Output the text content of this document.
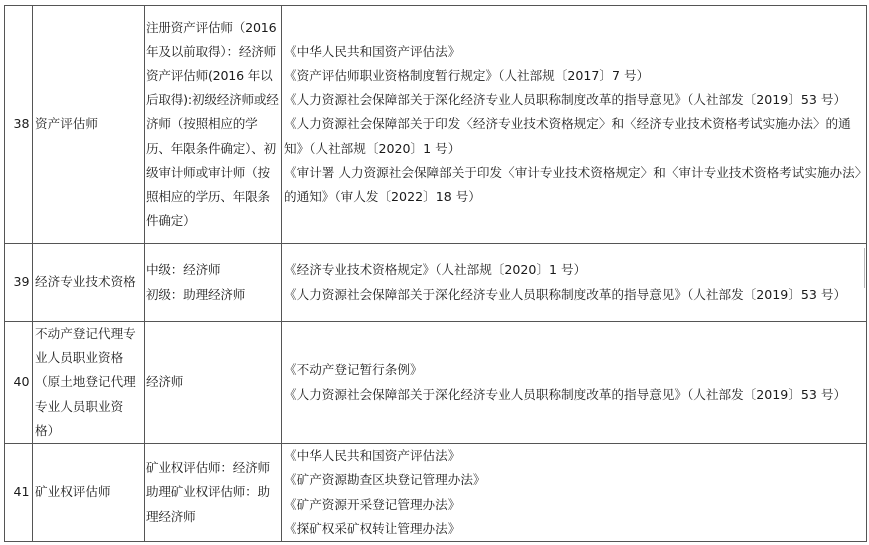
38	资产评估师	注册资产评估师（2016 年及以前取得）：经济师
资产评估师(2016 年以后取得):初级经济师或经济师（按照相应的学历、年限条件确定）、初级审计师或审计师（按照相应的学历、年限条件确定）	《中华人民共和国资产评估法》
《资产评估师职业资格制度暂行规定》（人社部规〔2017〕7 号）
《人力资源社会保障部关于深化经济专业人员职称制度改革的指导意见》（人社部发〔2019〕53 号）
《人力资源社会保障部关于印发〈经济专业技术资格规定〉和〈经济专业技术资格考试实施办法〉的通知》（人社部规〔2020〕1 号）
《审计署 人力资源社会保障部关于印发〈审计专业技术资格规定〉和〈审计专业技术资格考试实施办法〉的通知》（审人发〔2022〕18 号）

39	经济专业技术资格	中级：经济师
初级：助理经济师	《经济专业技术资格规定》（人社部规〔2020〕1 号）
《人力资源社会保障部关于深化经济专业人员职称制度改革的指导意见》（人社部发〔2019〕53 号）

40	不动产登记代理专业人员职业资格（原土地登记代理专业人员职业资格）	经济师	《不动产登记暂行条例》
《人力资源社会保障部关于深化经济专业人员职称制度改革的指导意见》（人社部发〔2019〕53 号）

41	矿业权评估师	矿业权评估师：经济师
助理矿业权评估师：助理经济师	《中华人民共和国资产评估法》
《矿产资源勘查区块登记管理办法》
《矿产资源开采登记管理办法》
《探矿权采矿权转让管理办法》
